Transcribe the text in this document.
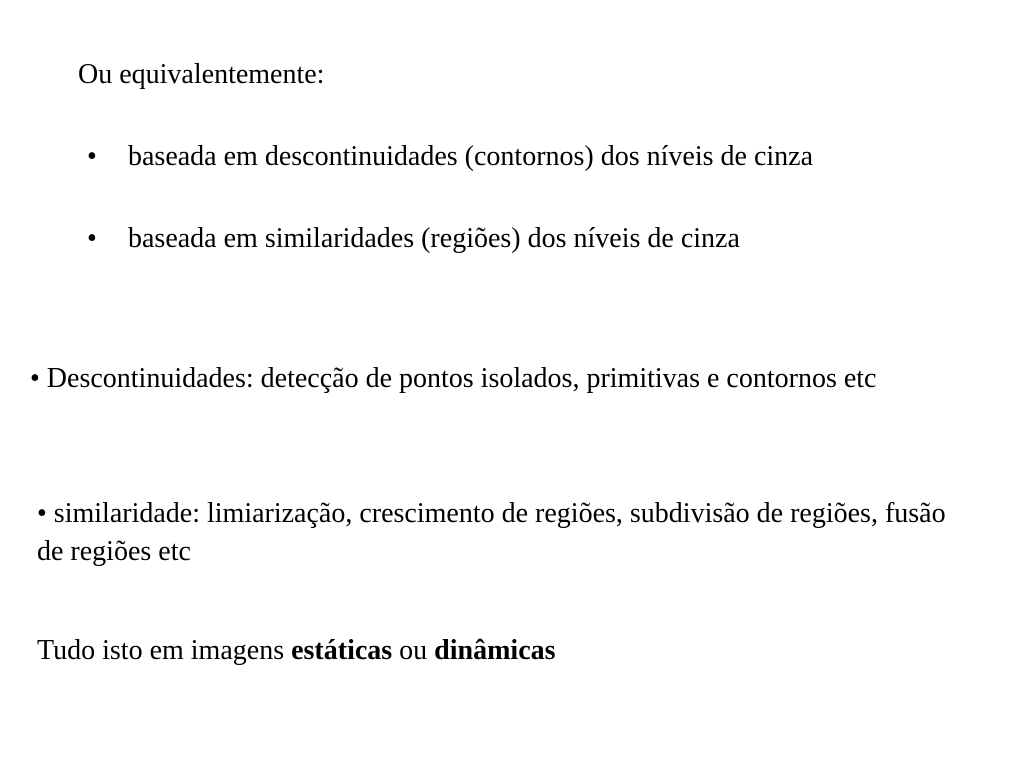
Ou equivalentemente:

• baseada em descontinuidades (contornos) dos níveis de cinza
• baseada em similaridades (regiões) dos níveis de cinza

• Descontinuidades: detecção de pontos isolados, primitivas e contornos etc

• similaridade: limiarização, crescimento de regiões, subdivisão de regiões, fusão de regiões etc

Tudo isto em imagens estáticas ou dinâmicas
